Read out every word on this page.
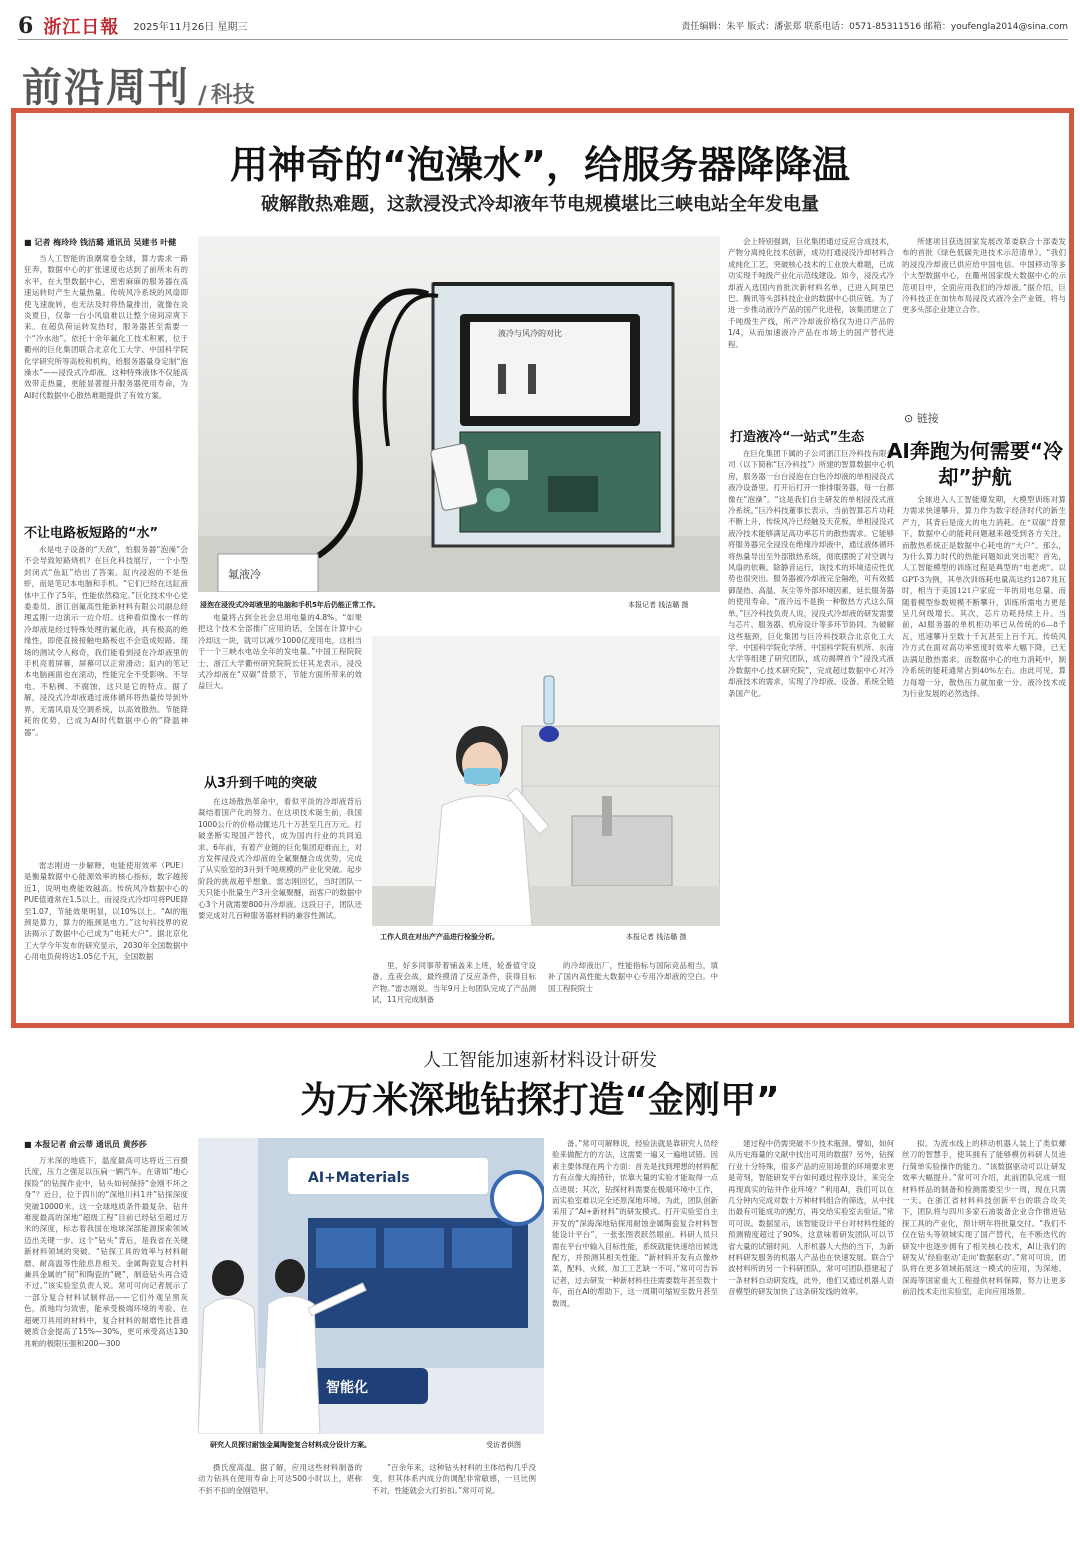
6 浙江日報 2025年11月26日 星期三	责任编辑：朱平 版式：潘张郑 联系电话：0571-85311516 邮箱：youfengla2014@sina.com
前沿周刊 / 科技
用神奇的“泡澡水”，给服务器降降温
破解散热难题，这款浸没式冷却液年节电规模堪比三峡电站全年发电量

■ 记者 梅玲玲 钱洁璐 通讯员 吴建书 叶健

当人工智能的浪潮席卷全球，算力需求一路狂奔，数据中心的扩张速度也达到了前所未有的水平。在大型数据中心，密密麻麻的服务器在高速运转时产生大量热量。传统风冷系统的风扇即使飞速旋转，也无法及时将热量排出，就像在炎炎夏日，仅靠一台小风扇难以让整个房间凉爽下来。在超负荷运转发热时，服务器甚至需要一个“冷水池”。依托十余年氟化工技术积累，位于衢州的巨化集团联合北京化工大学、中国科学院化学研究所等高校和机构，给服务器量身定制“泡澡水”——浸没式冷却液。这种特殊液体不仅能高效带走热量，更能显著提升服务器使用寿命，为AI时代数据中心散热难题提供了有效方案。

不让电路板短路的“水”

水是电子设备的“天敌”，怕服务器“泡澡”会不会导致短路烧机？在巨化科技展厅，一个小型封闭式“鱼缸”给出了答案。缸内浸泡的不是鱼虾，而是笔记本电脑和手机。“它们已经在这缸液体中工作了5年，性能依然稳定。”巨化技术中心党委委员、浙江创氟高性能新材料有限公司副总经理孟刚一边演示一边介绍。这种看似像水一样的冷却液是经过特殊处理的氟化液，具有极高的绝缘性，即使直接接触电路板也不会造成短路。现场的测试令人称奇，我们能看到浸在冷却液里的手机亮着屏幕，屏幕可以正常滑动；缸内的笔记本电脑画面也在滚动，性能完全不受影响。不导电、不粘稠、不腐蚀，这只是它的特点。据了解，浸没式冷却液通过液体循环将热量传导到外界，无需风扇及空调系统，以高效散热。节能降耗的优势，已成为AI时代数据中心的“降温神器”。

雷志刚进一步解释，电能使用效率（PUE）是衡量数据中心能源效率的核心指标，数字越接近1，说明电费能效越高。传统风冷数据中心的PUE值通常在1.5以上，而浸没式冷却可将PUE降至1.07，节能效果明显，以10%以上。“AI的瓶颈是算力，算力的瓶颈是电力。”这句科技界的说法揭示了数据中心已成为“电耗大户”。据北京化工大学今年发布的研究显示，2030年全国数据中心用电负荷将达1.05亿千瓦，全国数据

氟液冷
液冷与风冷的对比
浸泡在浸没式冷却液里的电脑和手机5年后仍能正常工作。	本报记者 钱洁璐 摄

电量将占到全社会总用电量的4.8%。“如果把这个技术全部推广应用的话，全国在计算中心冷却这一块，就可以减少1000亿度用电，这相当于一个三峡水电站全年的发电量。”中国工程院院士、浙江大学衢州研究院院长任其龙表示，浸没式冷却液在“双碳”背景下，节能方面所带来的效益巨大。

从3升到千吨的突破

在这场散热革命中，看似平淡的冷却液背后凝结着国产化的努力。在这项技术诞生前，我国1000公斤的价格动辄达几十万甚至几百万元。打破垄断实现国产替代，成为国内行业的共同追求。6年前，有着产业链的巨化集团迎难而上，对方发挥浸没式冷却液的全氟聚醚合成优势，完成了从实验室的3升到千吨规模的产业化突破。起步阶段的挑战超乎想象。雷志刚回忆，当时团队一天只能小批量生产3升全氟聚醚，而客户的数据中心3个月就需要800升冷却液。这段日子，团队还要完成对几百种服务器材料的兼容性测试。

工作人员在对出产产品进行检验分析。	本报记者 钱洁璐 摄

里，好多同事带着铺盖来上班，轮番值守设备，连夜会战，最终摸清了反应条件，获得目标产物。”雷志刚说。当年9月上旬团队完成了产品测试，11月完成制备

的冷却液出厂，性能指标与国际竞品相当，填补了国内高性能大数据中心专用冷却液的空白。中国工程院院士

会上特别强调，巨化集团通过反应合成技术，产物分离纯化技术创新，成功打通浸没冷却材料合成纯化工艺，突破核心技术的工业放大难题，已成功实现千吨级产业化示范线建设。如今，浸没式冷却液入选国内首批次新材料名单，已进入阿里巴巴、腾讯等头部科技企业的数据中心供应链。为了进一步推动液冷产品的国产化进程，该集团建立了千吨级生产线，所产冷却液价格仅为进口产品的1/4，从而加速液冷产品在市场上的国产替代进程。

打造液冷“一站式”生态

在巨化集团下属的子公司浙江巨冷科技有限公司（以下简称“巨冷科技”）所建的智算数据中心机房，服务器一台台浸泡在白色冷却液的单相浸没式液冷设备里。打开后打开一排排服务器，每一台都像在“泡澡”。“这是我们自主研发的单相浸没式液冷系统。”巨冷科技董事长表示，当前智算芯片功耗不断上升，传统风冷已经触及天花板，单相浸没式液冷技术能够满足高功率芯片的散热需求。它能够将服务器完全浸没在绝缘冷却液中，通过液体循环将热量导出至外部散热系统，彻底摆脱了对空调与风扇的依赖。除静音运行，该技术的环境适应性优势也很突出。服务器被冷却液完全隔绝，可有效抵御湿热、高温、灰尘等外部环境因素，延长服务器的使用寿命。“液冷远不是换一种散热方式这么简单。”巨冷科技负责人说，浸没式冷却液的研发需要与芯片、服务器、机房设计等多环节协同。为破解这些瓶颈，巨化集团与巨冷科技联合北京化工大学、中国科学院化学所、中国科学院有机所、东南大学等组建了研究团队，成功揭牌首个“浸没式液冷数据中心技术研究院”，完成超过数据中心对冷却液技术的需求，实现了冷却液、设备、系统全链条国产化。

所建项目获选国家发展改革委联合十部委发布的首批《绿色低碳先进技术示范清单》。“我们的浸没冷却液已供应给中国电信、中国移动等多个大型数据中心，在衢州国家级大数据中心的示范项目中，全面应用我们的冷却液。”据介绍，巨冷科技正在加快布局浸没式液冷全产业链，将与更多头部企业建立合作。

⊙ 链接
AI奔跑为何需要“冷却”护航

全球进入人工智能爆发期，大模型训练对算力需求快速攀升，算力作为数字经济时代的新生产力，其背后是庞大的电力消耗。在“双碳”背景下，数据中心的能耗问题越来越受到各方关注，而散热系统正是数据中心耗电的“大户”。那么，为什么算力时代的热能问题如此突出呢？首先，人工智能模型的训练过程是典型的“电老虎”。以GPT-3为例，其单次训练耗电量高达约1287兆瓦时，相当于美国121户家庭一年的用电总量。而随着模型参数规模不断攀升，训练所需电力更是呈几何级增长。其次，芯片功耗持续上升。当前，AI服务器的单机柜功率已从传统的6—8千瓦，迅速攀升至数十千瓦甚至上百千瓦。传统风冷方式在面对高功率密度时效率大幅下降，已无法满足散热需求。而数据中心的电力消耗中，制冷系统的能耗通常占到40%左右。由此可见，算力每增一分，散热压力就加重一分。液冷技术成为行业发展的必然选择。

人工智能加速新材料设计研发
为万米深地钻探打造“金刚甲”

■ 本报记者 俞云蒂 通讯员 黄莎莎

万米深的地底下，温度最高可达将近三百摄氏度，压力之强足以压扁一辆汽车。在诸如“地心探险”的钻探作业中，钻头如何保持“金刚不坏之身”？近日，位于四川的“深地川科1井”钻探深度突破10000米。这一全球地质条件最复杂、钻井难度最高的深地“超级工程”目前已经钻至超过万米的深度，标志着我国在地球深部能源探索领域迈出关键一步。这个“钻头”背后，是我省在关键新材料领域的突破。“钻探工具的效率与材料耐磨、耐高温等性能息息相关。金属陶瓷复合材料兼具金属的“韧”和陶瓷的“硬”，制造钻头再合适不过。”该实验室负责人说。常可可向记者展示了一部分复合材料试制样品——它们外观呈黑灰色，质地均匀致密，能承受极端环境的考验。在超硬刀具用的材料中，复合材料的耐磨性比普通硬质合金提高了15%—30%，更可承受高达130兆帕的极限压强和200—300

AI+Materials
智能化
研究人员探讨耐蚀金属陶瓷复合材料成分设计方案。	受访者供图

摄氏度高温。据了解，应用这些材料制备的动力钻具在使用寿命上可达500小时以上，堪称不折不扣的金刚铠甲。

“百余年来，这种钻头材料的主体结构几乎没变，但其体系内成分的调配非常敏感，一旦比例不对，性能就会大打折扣。”常可可说。

备。”常可可解释说，经验法就是靠研究人员经验来做配方的方法，这需要一遍又一遍地试错。因素主要体现在两个方面：首先是找到理想的材料配方有点像大海捞针，依靠大量的实验才能取得一点点进展；其次，钻探材料需要在极端环境中工作，而实验室难以完全还原深地环境。为此，团队创新采用了“AI+新材料”的研发模式。打开实验室自主开发的“深海深地钻探用耐蚀金属陶瓷复合材料智能设计平台”，一张张图表跃然眼前。科研人员只需在平台中输入目标性能，系统就能快速给出候选配方，并预测其相关性能。“新材料开发有点像炒菜，配料、火候、加工工艺缺一不可。”常可可告诉记者，过去研发一种新材料往往需要数年甚至数十年，而在AI的帮助下，这一周期可缩短至数月甚至数周。

建过程中仍需突破不少技术瓶颈。譬如，如何从历史海量的文献中找出可用的数据？另外，钻探行业十分特殊，很多产品的应用场景的环境要求更是苛刻，智能研发平台如何通过程序设计，来完全再现真实的钻井作业环境？“利用AI，我们可以在几分钟内完成对数十万种材料组合的筛选，从中找出最有可能成功的配方，再交给实验室去验证。”常可可说。数据显示，该智能设计平台对材料性能的预测精度超过了90%，这意味着研发团队可以节省大量的试错时间。人形机器人大热的当下，为新材料研发服务的机器人产品也在快速发展。联合宁波材料所的另一个科研团队，常可可团队搭建起了一条材料自动研发线，此外，他们又通过机器人语音模型的研发加快了这条研发线的效率。

拟。为流水线上的移动机器人装上了类似螺丝刀的智慧手，使其拥有了能够模仿科研人员进行简单实验操作的能力。“该数据驱动可以让研发效率大幅提升。”常可可介绍，此前团队完成一组材料样品的制备和检测需要至少一周，现在只需一天。在浙江省材料科技创新平台的联合攻关下，团队将与四川多家石油装备企业合作推进钻探工具的产业化，预计明年将批量交付。“我们不仅在钻头等领域实现了国产替代，在不断迭代的研发中也逐步拥有了相关核心技术，AI让我们的研发从‘经验驱动’走向‘数据驱动’。”常可可说，团队将在更多领域拓展这一模式的应用，为深地、深海等国家重大工程提供材料保障，努力让更多前沿技术走出实验室，走向应用场景。
